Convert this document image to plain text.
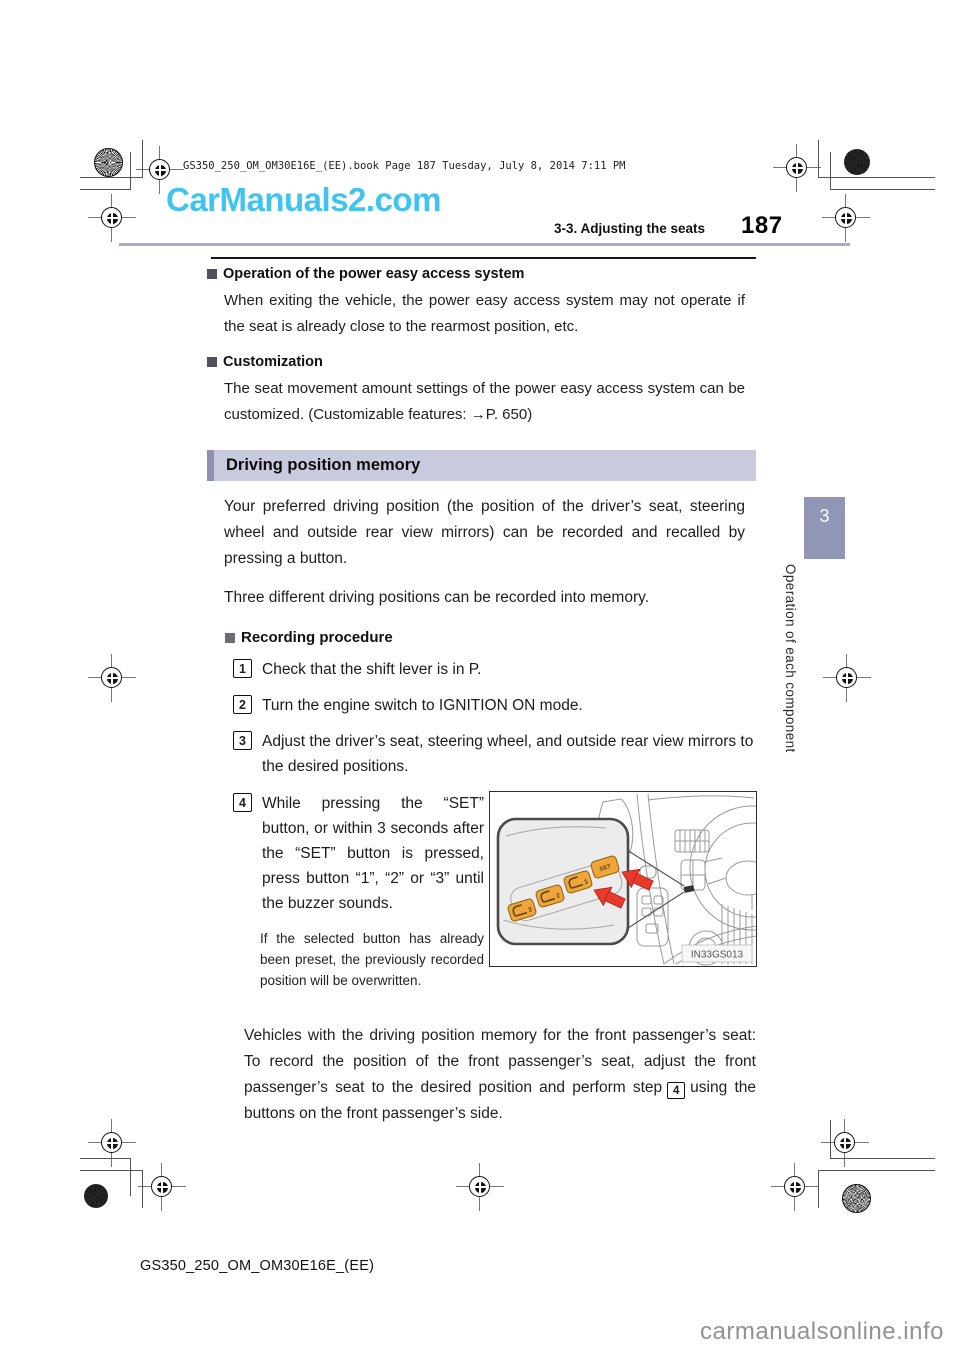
GS350_250_OM_OM30E16E_(EE).book Page 187 Tuesday, July 8, 2014 7:11 PM
CarManuals2.com
3-3. Adjusting the seats 187
Operation of the power easy access system

When exiting the vehicle, the power easy access system may not operate if the seat is already close to the rearmost position, etc.

Customization

The seat movement amount settings of the power easy access system can be customized. (Customizable features: →P. 650)

Driving position memory

Your preferred driving position (the position of the driver’s seat, steering wheel and outside rear view mirrors) can be recorded and recalled by pressing a button.

Three different driving positions can be recorded into memory.

Recording procedure
1	Check that the shift lever is in P.
2	Turn the engine switch to IGNITION ON mode.
3	Adjust the driver’s seat, steering wheel, and outside rear view mirrors to the desired positions.
4	While pressing the “SET” button, or within 3 seconds after the “SET” button is pressed, press button “1”, “2” or “3” until the buzzer sounds.

If the selected button has already been preset, the previously recorded position will be overwritten.

3
2
1
SET
IN33GS013

Vehicles with the driving position memory for the front passenger’s seat: To record the position of the front passenger’s seat, adjust the front passenger’s seat to the desired position and perform step 4 using the buttons on the front passenger’s side.

3
Operation of each component
GS350_250_OM_OM30E16E_(EE)
carmanualsonline.info
